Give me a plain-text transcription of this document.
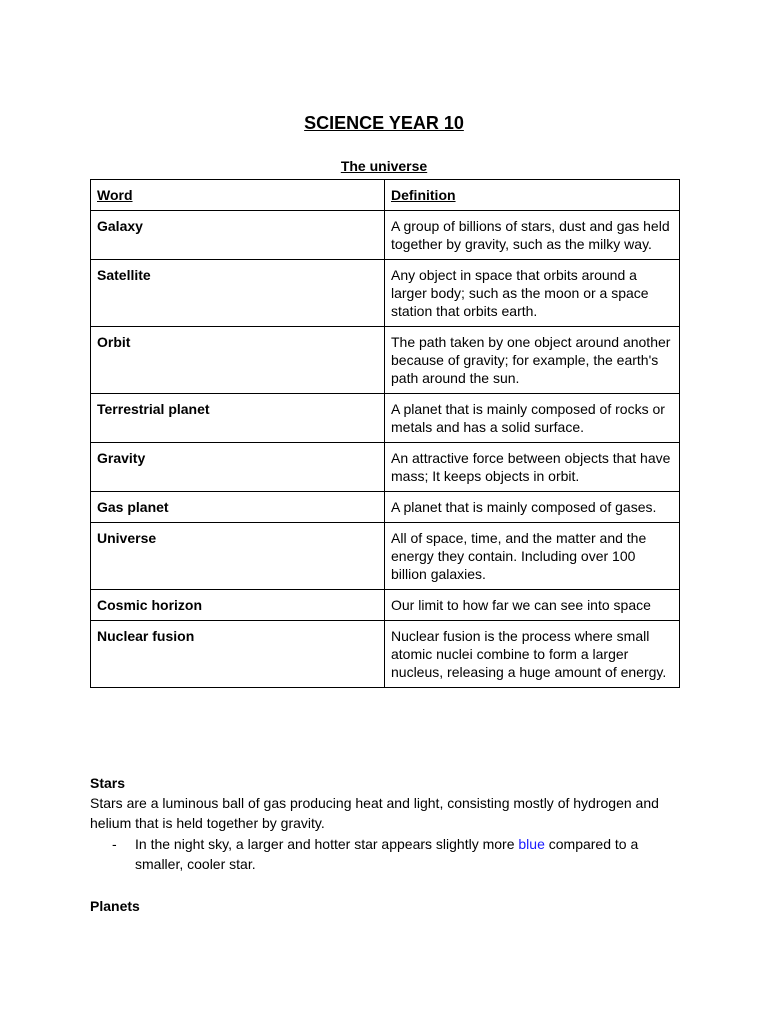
SCIENCE YEAR 10
The universe
Word	Definition
Galaxy	A group of billions of stars, dust and gas held together by gravity, such as the milky way.
Satellite	Any object in space that orbits around a larger body; such as the moon or a space station that orbits earth.
Orbit	The path taken by one object around another because of gravity; for example, the earth's path around the sun.
Terrestrial planet	A planet that is mainly composed of rocks or metals and has a solid surface.
Gravity	An attractive force between objects that have mass; It keeps objects in orbit.
Gas planet	A planet that is mainly composed of gases.
Universe	All of space, time, and the matter and the energy they contain. Including over 100 billion galaxies.
Cosmic horizon	Our limit to how far we can see into space
Nuclear fusion	Nuclear fusion is the process where small atomic nuclei combine to form a larger nucleus, releasing a huge amount of energy.
Stars
Stars are a luminous ball of gas producing heat and light, consisting mostly of hydrogen and helium that is held together by gravity.
-	In the night sky, a larger and hotter star appears slightly more blue compared to a smaller, cooler star.
Planets
